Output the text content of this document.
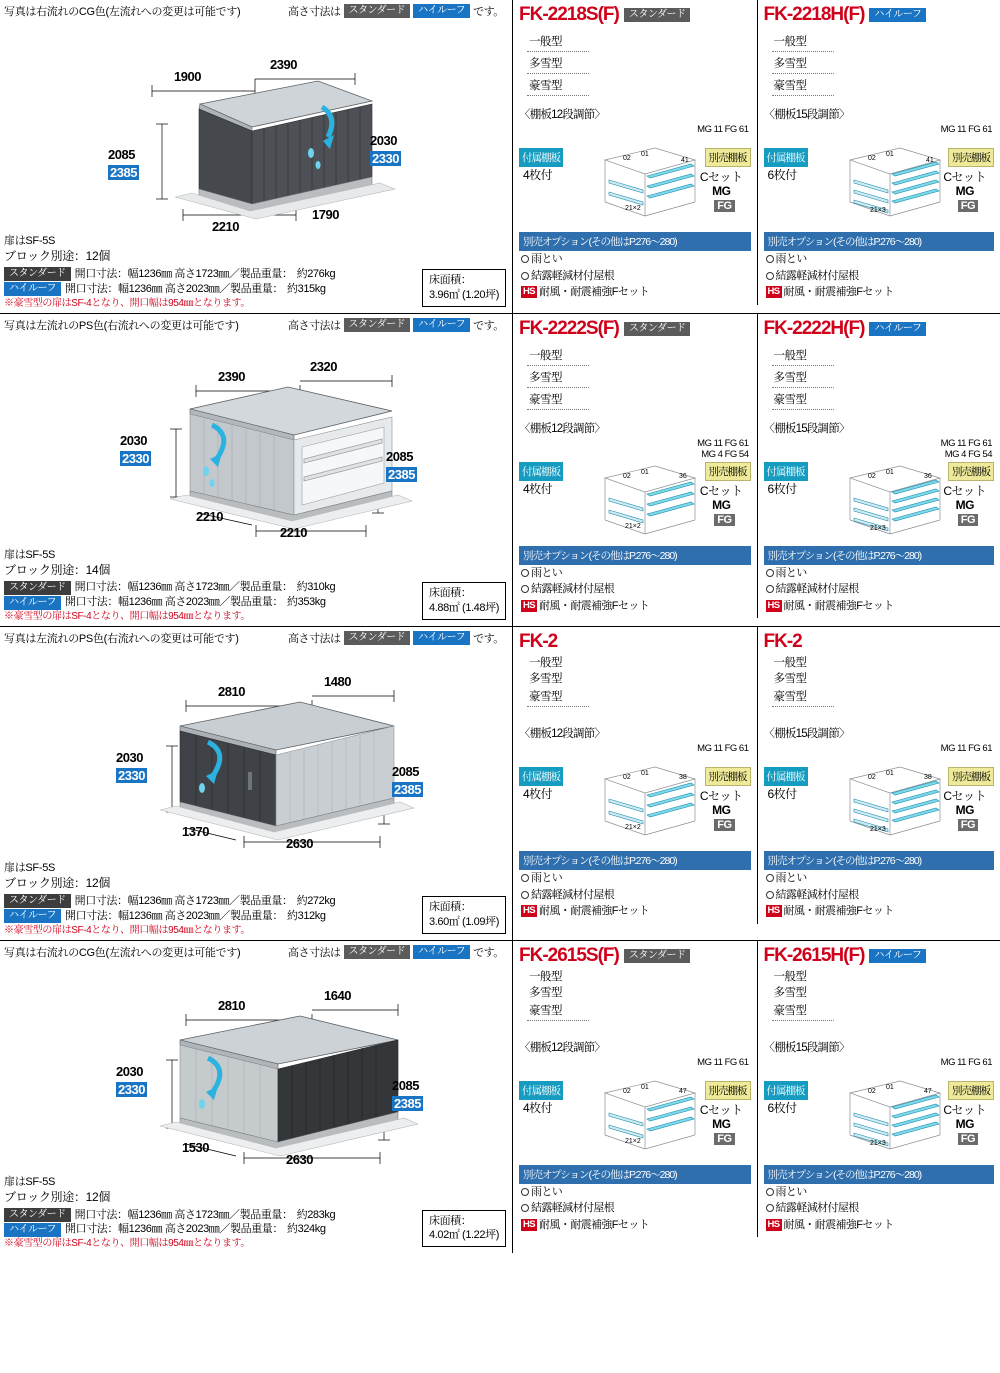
写真は右流れのCG色(左流れへの変更は可能です)	高さ寸法は スタンダード	ハイルーフ です。
1900
2390
2085
2385
2030
2330
2210
1790
扉はSF-5S
ブロック別途：12個
スタンダード 開口寸法：幅1236㎜ 高さ1723㎜／製品重量： 約276kg
ハイルーフ 開口寸法：幅1236㎜ 高さ2023㎜／製品重量： 約315kg
※豪雪型の扉はSF-4となり、開口幅は954㎜となります。
床面積：
3.96㎡ (1.20坪)
FK-2218S(F)	スタンダード
一般型
多雪型
豪雪型
〈棚板12段調節〉
MG 11 FG 61
02
01
41
21×2
付属棚板
4枚付
別売棚板
Cセット
MG
FG
別売オプション(その他はP.276～280)
雨とい
結露軽減材付屋根
HS 耐風・耐震補強Fセット
FK-2218H(F)	ハイルーフ
一般型
多雪型
豪雪型
〈棚板15段調節〉
MG 11 FG 61
02
01
41
21×3
付属棚板
6枚付
別売棚板
Cセット
MG
FG
別売オプション(その他はP.276～280)
雨とい
結露軽減材付屋根
HS 耐風・耐震補強Fセット
写真は左流れのPS色(右流れへの変更は可能です)	高さ寸法は スタンダード	ハイルーフ です。
2390
2320
2030
2330	2085
2385
2210
2210
扉はSF-5S
ブロック別途：14個
スタンダード 開口寸法：幅1236㎜ 高さ1723㎜／製品重量： 約310kg
ハイルーフ 開口寸法：幅1236㎜ 高さ2023㎜／製品重量： 約353kg
※豪雪型の扉はSF-4となり、開口幅は954㎜となります。
床面積：
4.88㎡ (1.48坪)
FK-2222S(F)	スタンダード
一般型
多雪型
豪雪型
〈棚板12段調節〉
MG 11 FG 61
MG 4 FG 54
02
01
36
21×2
付属棚板
4枚付
別売棚板
Cセット
MG
FG
別売オプション(その他はP.276～280)
雨とい
結露軽減材付屋根
HS 耐風・耐震補強Fセット
FK-2222H(F)	ハイルーフ
一般型
多雪型
豪雪型
〈棚板15段調節〉
MG 11 FG 61
MG 4 FG 54
02
01
36
21×3
付属棚板
6枚付
別売棚板
Cセット
MG
FG
別売オプション(その他はP.276～280)
雨とい
結露軽減材付屋根
HS 耐風・耐震補強Fセット
写真は左流れのPS色(右流れへの変更は可能です)	高さ寸法は スタンダード	ハイルーフ です。
2810
1480
2030
2330	2085
2385
1370
2630
扉はSF-5S
ブロック別途：12個
スタンダード 開口寸法：幅1236㎜ 高さ1723㎜／製品重量： 約272kg
ハイルーフ 開口寸法：幅1236㎜ 高さ2023㎜／製品重量： 約312kg
※豪雪型の扉はSF-4となり、開口幅は954㎜となります。
床面積：
3.60㎡ (1.09坪)
FK-2
一般型
多雪型
豪雪型
〈棚板12段調節〉
MG 11 FG 61
02
01
38
21×2
付属棚板
4枚付
別売棚板
Cセット
MG
FG
別売オプション(その他はP.276～280)
雨とい
結露軽減材付屋根
HS 耐風・耐震補強Fセット
FK-2
一般型
多雪型
豪雪型
〈棚板15段調節〉
MG 11 FG 61
02
01
38
21×3
付属棚板
6枚付
別売棚板
Cセット
MG
FG
別売オプション(その他はP.276～280)
雨とい
結露軽減材付屋根
HS 耐風・耐震補強Fセット
写真は右流れのCG色(左流れへの変更は可能です)	高さ寸法は スタンダード	ハイルーフ です。
2810
1640
2030
2330	2085
2385
1530
2630
扉はSF-5S
ブロック別途：12個
スタンダード 開口寸法：幅1236㎜ 高さ1723㎜／製品重量： 約283kg
ハイルーフ 開口寸法：幅1236㎜ 高さ2023㎜／製品重量： 約324kg
※豪雪型の扉はSF-4となり、開口幅は954㎜となります。
床面積：
4.02㎡ (1.22坪)
FK-2615S(F)	スタンダード
一般型
多雪型
豪雪型
〈棚板12段調節〉
MG 11 FG 61
02
01
47
21×2
付属棚板
4枚付
別売棚板
Cセット
MG
FG
別売オプション(その他はP.276～280)
雨とい
結露軽減材付屋根
HS 耐風・耐震補強Fセット
FK-2615H(F)	ハイルーフ
一般型
多雪型
豪雪型
〈棚板15段調節〉
MG 11 FG 61
02
01
47
21×3
付属棚板
6枚付
別売棚板
Cセット
MG
FG
別売オプション(その他はP.276～280)
雨とい
結露軽減材付屋根
HS 耐風・耐震補強Fセット
